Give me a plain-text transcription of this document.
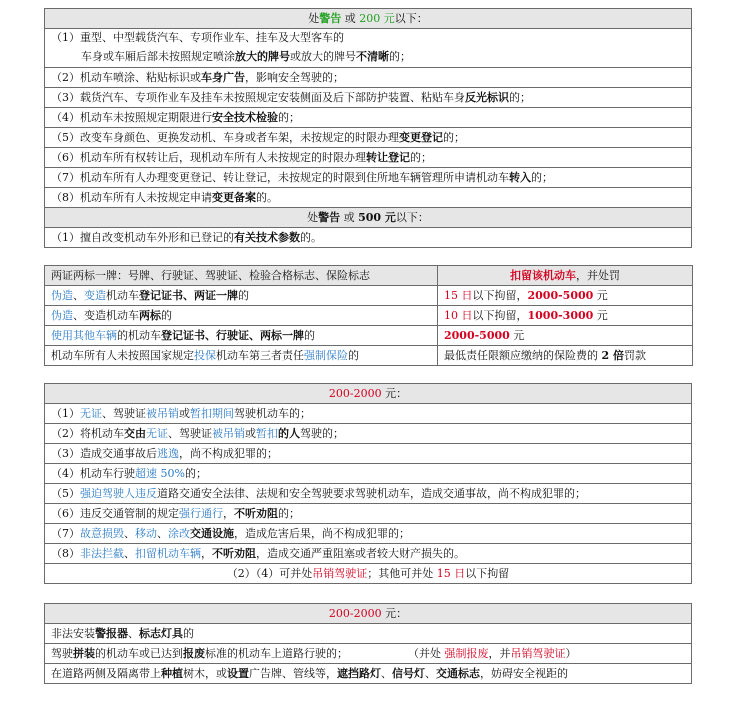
处警告 或 200 元以下：

（1）重型、中型载货汽车、专项作业车、挂车及大型客车的
车身或车厢后部未按照规定喷涂放大的牌号或放大的牌号不清晰的；

（2）机动车喷涂、粘贴标识或车身广告，影响安全驾驶的；
（3）载货汽车、专项作业车及挂车未按照规定安装侧面及后下部防护装置、粘贴车身反光标识的；
（4）机动车未按照规定期限进行安全技术检验的；
（5）改变车身颜色、更换发动机、车身或者车架，未按规定的时限办理变更登记的；
（6）机动车所有权转让后，现机动车所有人未按规定的时限办理转让登记的；
（7）机动车所有人办理变更登记、转让登记，未按规定的时限到住所地车辆管理所申请机动车转入的；
（8）机动车所有人未按规定申请变更备案的。
处警告 或 500 元以下：
（1）擅自改变机动车外形和已登记的有关技术参数的。
两证两标一牌：号牌、行驶证、驾驶证、检验合格标志、保险标志	扣留该机动车，并处罚
伪造、变造机动车登记证书、两证一牌的	15 日以下拘留，2000-5000 元
伪造、变造机动车两标的	10 日以下拘留，1000-3000 元
使用其他车辆的机动车登记证书、行驶证、两标一牌的	2000-5000 元
机动车所有人未按照国家规定投保机动车第三者责任强制保险的	最低责任限额应缴纳的保险费的 2 倍罚款
200-2000 元：
（1）无证、驾驶证被吊销或暂扣期间驾驶机动车的；
（2）将机动车交由无证、驾驶证被吊销或暂扣的人驾驶的；
（3）造成交通事故后逃逸，尚不构成犯罪的；
（4）机动车行驶超速 50%的；
（5）强迫驾驶人违反道路交通安全法律、法规和安全驾驶要求驾驶机动车，造成交通事故，尚不构成犯罪的；
（6）违反交通管制的规定强行通行，不听劝阻的；
（7）故意损毁、移动、涂改交通设施，造成危害后果，尚不构成犯罪的；
（8）非法拦截、扣留机动车辆，不听劝阻，造成交通严重阻塞或者较大财产损失的。
（2）（4）可并处吊销驾驶证；其他可并处 15 日以下拘留
200-2000 元：
非法安装警报器、标志灯具的
驾驶拼装的机动车或已达到报废标准的机动车上道路行驶的；	（并处 强制报废，并吊销驾驶证）
在道路两侧及隔离带上种植树木，或设置广告牌、管线等，遮挡路灯、信号灯、交通标志，妨碍安全视距的
